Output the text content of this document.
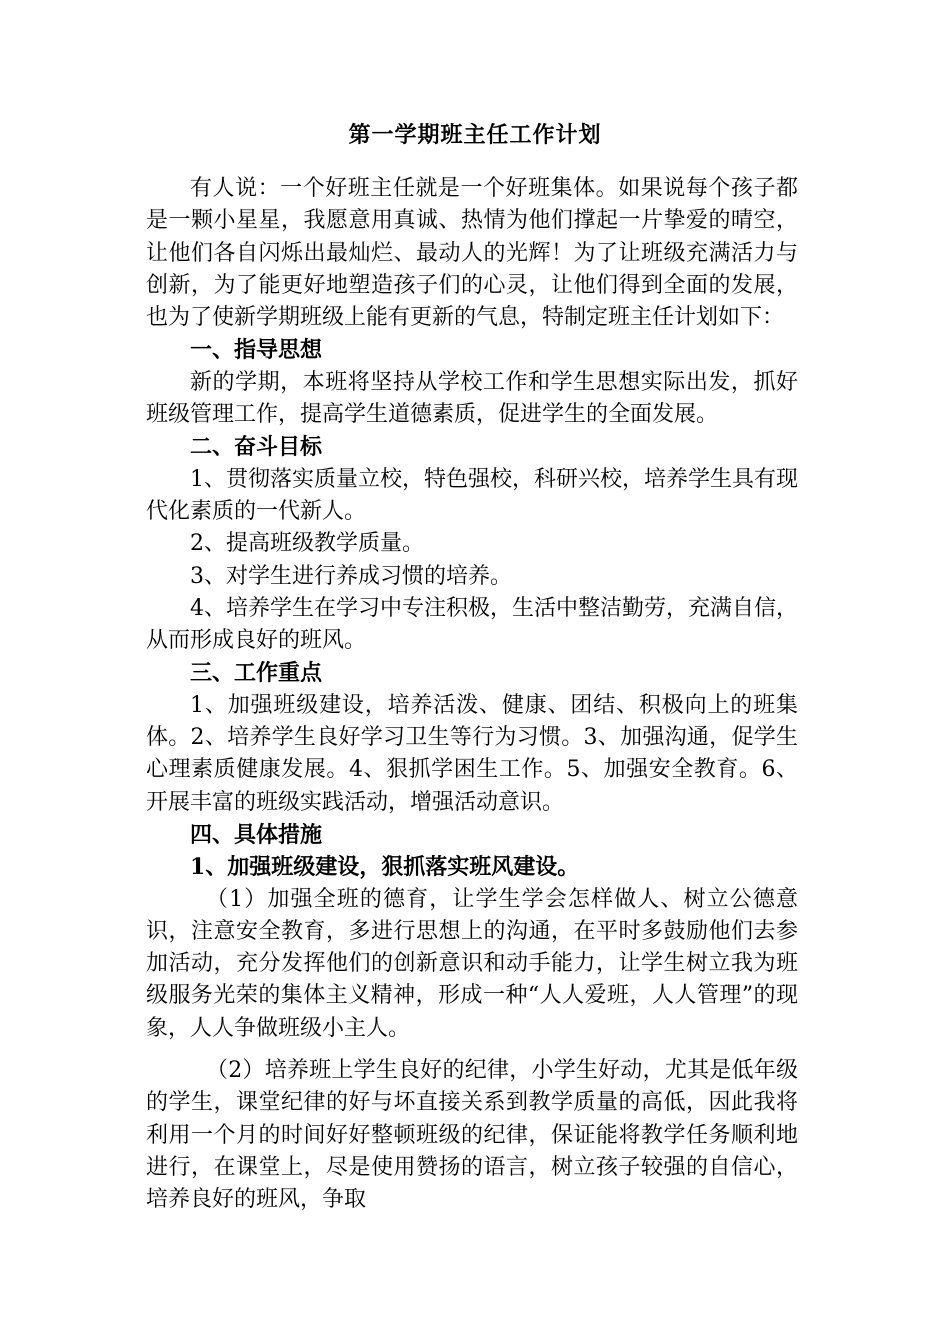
第一学期班主任工作计划

有人说：一个好班主任就是一个好班集体。如果说每个孩子都是一颗小星星，我愿意用真诚、热情为他们撑起一片挚爱的晴空，让他们各自闪烁出最灿烂、最动人的光辉！为了让班级充满活力与创新，为了能更好地塑造孩子们的心灵，让他们得到全面的发展，也为了使新学期班级上能有更新的气息，特制定班主任计划如下：

一、指导思想

新的学期，本班将坚持从学校工作和学生思想实际出发，抓好班级管理工作，提高学生道德素质，促进学生的全面发展。

二、奋斗目标

1、贯彻落实质量立校，特色强校，科研兴校，培养学生具有现代化素质的一代新人。

2、提高班级教学质量。

3、对学生进行养成习惯的培养。

4、培养学生在学习中专注积极，生活中整洁勤劳，充满自信，从而形成良好的班风。

三、工作重点

1、加强班级建设，培养活泼、健康、团结、积极向上的班集体。2、培养学生良好学习卫生等行为习惯。3、加强沟通，促学生心理素质健康发展。4、狠抓学困生工作。5、加强安全教育。6、开展丰富的班级实践活动，增强活动意识。

四、具体措施

1、加强班级建设，狠抓落实班风建设。

（1）加强全班的德育，让学生学会怎样做人、树立公德意识，注意安全教育，多进行思想上的沟通，在平时多鼓励他们去参加活动，充分发挥他们的创新意识和动手能力，让学生树立我为班级服务光荣的集体主义精神，形成一种“人人爱班，人人管理”的现象，人人争做班级小主人。

（2）培养班上学生良好的纪律，小学生好动，尤其是低年级的学生，课堂纪律的好与坏直接关系到教学质量的高低，因此我将利用一个月的时间好好整顿班级的纪律，保证能将教学任务顺利地进行，在课堂上，尽是使用赞扬的语言，树立孩子较强的自信心，培养良好的班风，争取
